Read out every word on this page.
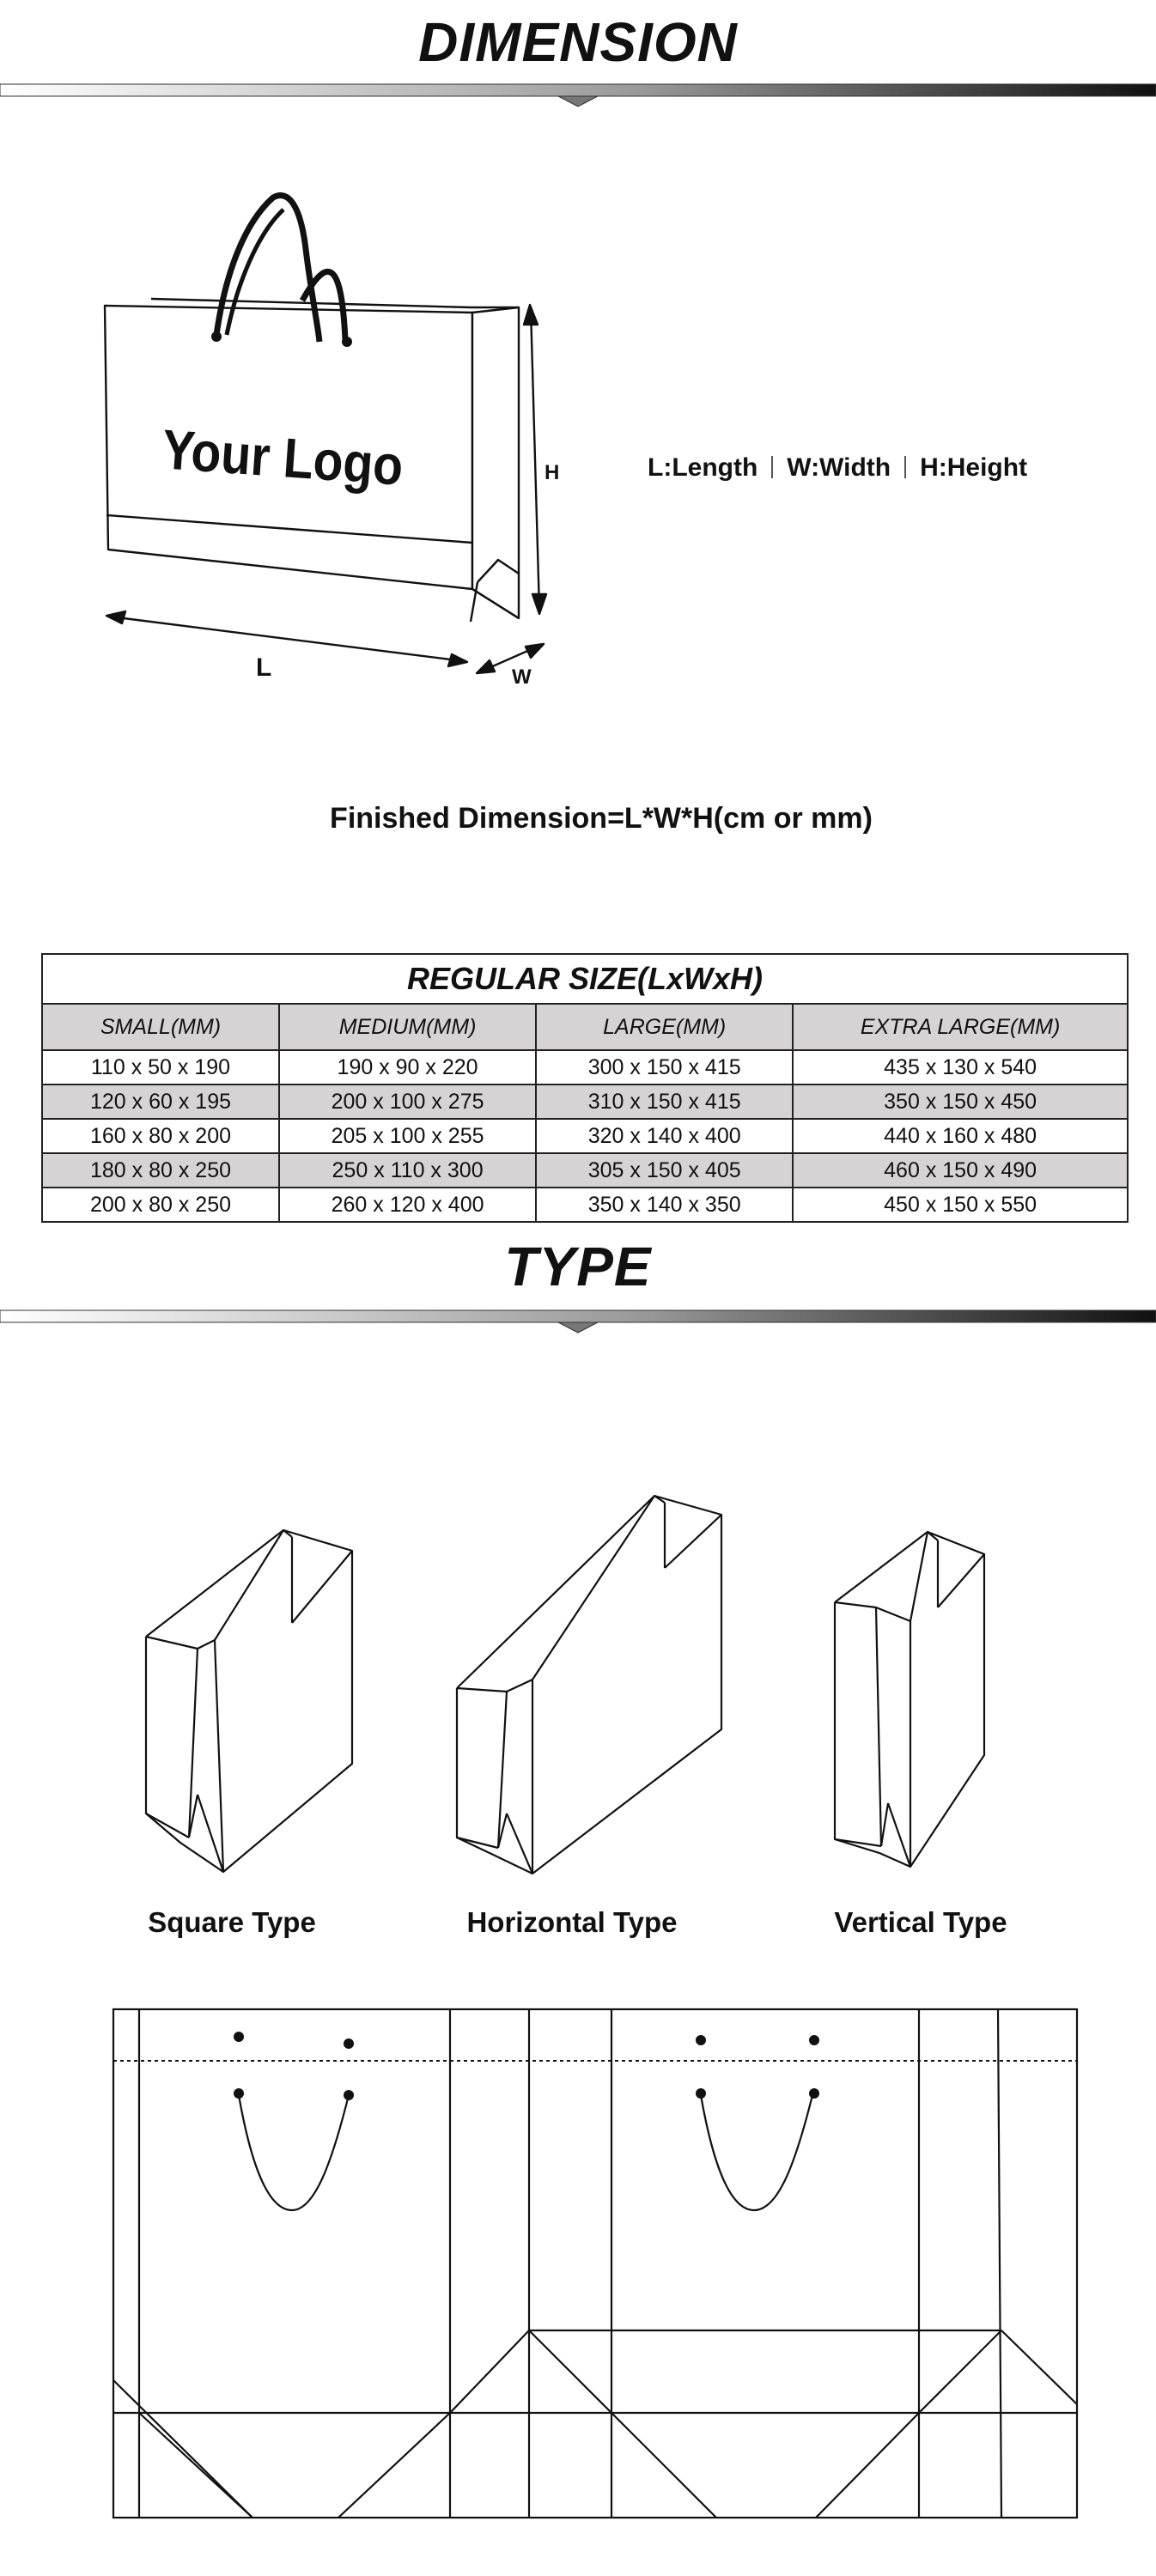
DIMENSION
Your Logo
L
H
W
L:Length W:Width H:Height
Finished Dimension=L*W*H(cm or mm)
REGULAR SIZE(LxWxH)			
SMALL(MM)	MEDIUM(MM)	LARGE(MM)	EXTRA LARGE(MM)
110 x 50 x 190	190 x 90 x 220	300 x 150 x 415	435 x 130 x 540
120 x 60 x 195	200 x 100 x 275	310 x 150 x 415	350 x 150 x 450
160 x 80 x 200	205 x 100 x 255	320 x 140 x 400	440 x 160 x 480
180 x 80 x 250	250 x 110 x 300	305 x 150 x 405	460 x 150 x 490
200 x 80 x 250	260 x 120 x 400	350 x 140 x 350	450 x 150 x 550
TYPE
Square Type	Horizontal Type	Vertical Type
